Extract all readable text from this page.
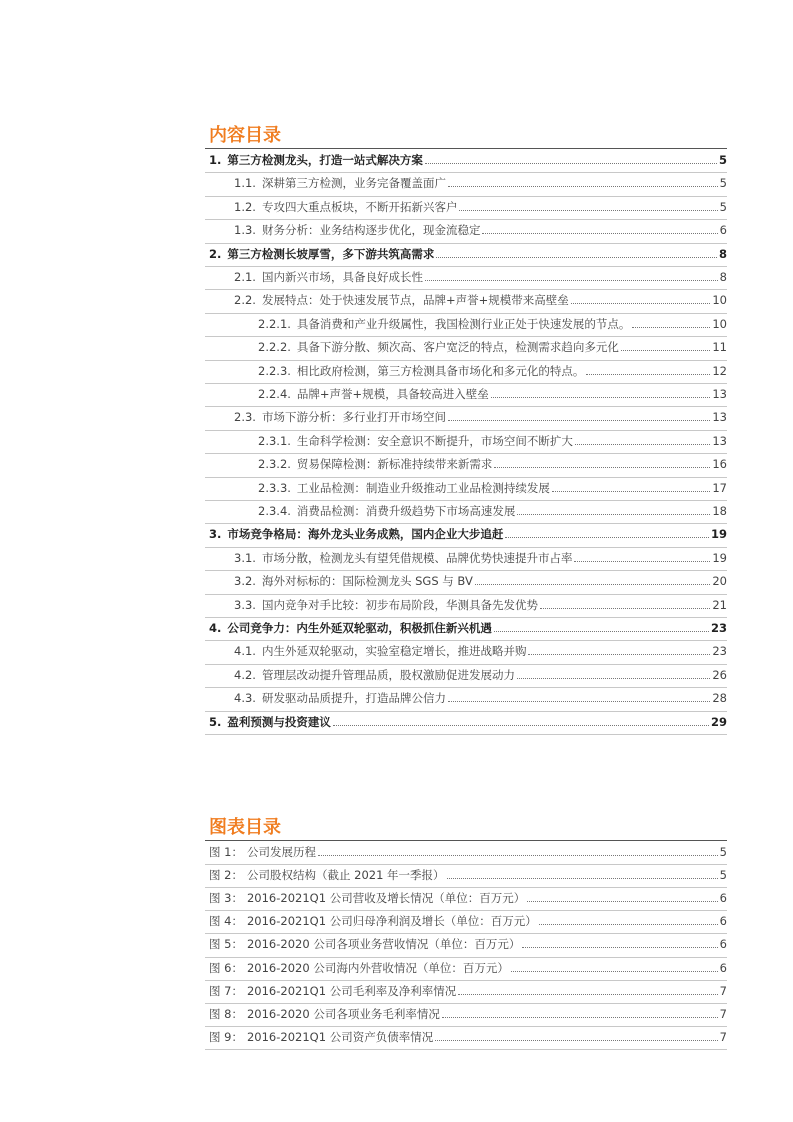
内容目录
1. 第三方检测龙头，打造一站式解决方案	5
1.1. 深耕第三方检测，业务完备覆盖面广	5
1.2. 专攻四大重点板块，不断开拓新兴客户	5
1.3. 财务分析：业务结构逐步优化，现金流稳定	6
2. 第三方检测长坡厚雪，多下游共筑高需求	8
2.1. 国内新兴市场，具备良好成长性	8
2.2. 发展特点：处于快速发展节点，品牌+声誉+规模带来高壁垒	10
2.2.1. 具备消费和产业升级属性，我国检测行业正处于快速发展的节点。	10
2.2.2. 具备下游分散、频次高、客户宽泛的特点，检测需求趋向多元化	11
2.2.3. 相比政府检测，第三方检测具备市场化和多元化的特点。	12
2.2.4. 品牌+声誉+规模，具备较高进入壁垒	13
2.3. 市场下游分析：多行业打开市场空间	13
2.3.1. 生命科学检测：安全意识不断提升，市场空间不断扩大	13
2.3.2. 贸易保障检测：新标准持续带来新需求	16
2.3.3. 工业品检测：制造业升级推动工业品检测持续发展	17
2.3.4. 消费品检测：消费升级趋势下市场高速发展	18
3. 市场竞争格局：海外龙头业务成熟，国内企业大步追赶	19
3.1. 市场分散，检测龙头有望凭借规模、品牌优势快速提升市占率	19
3.2. 海外对标标的：国际检测龙头 SGS 与 BV	20
3.3. 国内竞争对手比较：初步布局阶段，华测具备先发优势	21
4. 公司竞争力：内生外延双轮驱动，积极抓住新兴机遇	23
4.1. 内生外延双轮驱动，实验室稳定增长，推进战略并购	23
4.2. 管理层改动提升管理品质，股权激励促进发展动力	26
4.3. 研发驱动品质提升，打造品牌公信力	28
5. 盈利预测与投资建议	29
图表目录
图 1： 公司发展历程	5
图 2： 公司股权结构（截止 2021 年一季报）	5
图 3： 2016-2021Q1 公司营收及增长情况（单位：百万元）	6
图 4： 2016-2021Q1 公司归母净利润及增长（单位：百万元）	6
图 5： 2016-2020 公司各项业务营收情况（单位：百万元）	6
图 6： 2016-2020 公司海内外营收情况（单位：百万元）	6
图 7： 2016-2021Q1 公司毛利率及净利率情况	7
图 8： 2016-2020 公司各项业务毛利率情况	7
图 9： 2016-2021Q1 公司资产负债率情况	7
